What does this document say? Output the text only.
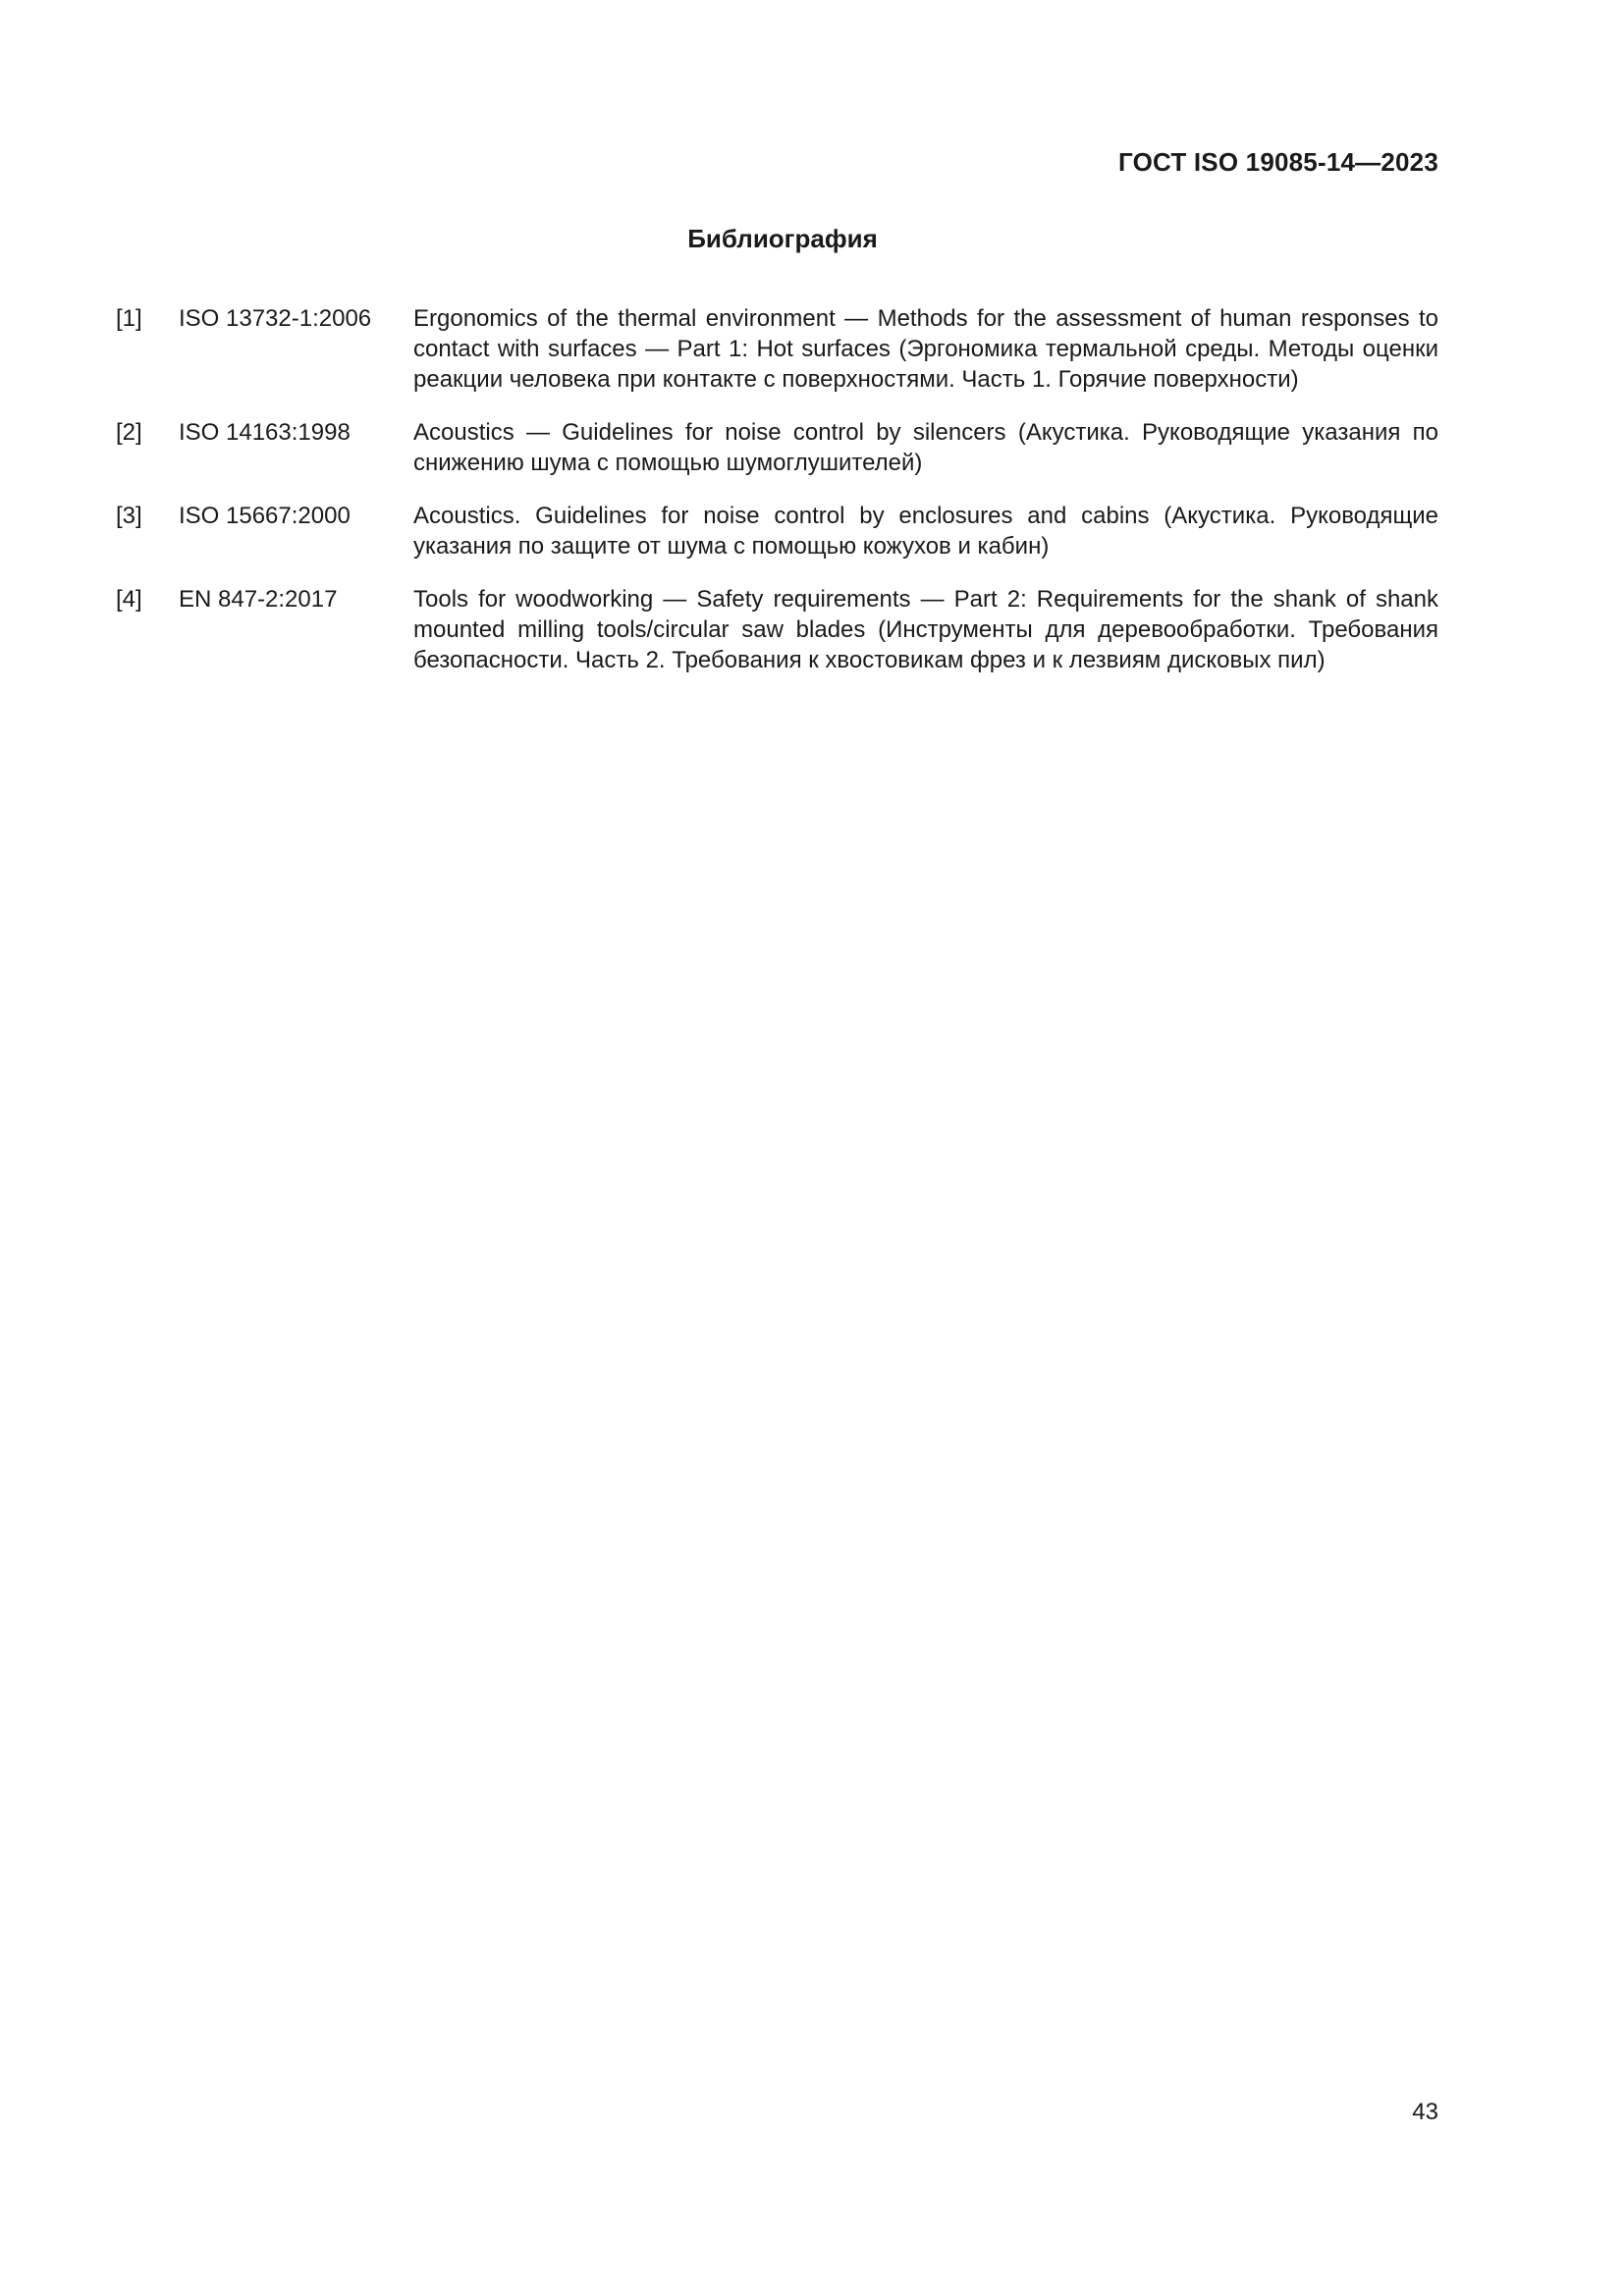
ГОСТ ISO 19085-14—2023
Библиография
[1]	ISO 13732-1:2006	Ergonomics of the thermal environment — Methods for the assessment of human responses to contact with surfaces — Part 1: Hot surfaces (Эргономика термальной среды. Методы оценки реакции человека при контакте с поверхностями. Часть 1. Горячие поверхности)
[2]	ISO 14163:1998	Acoustics — Guidelines for noise control by silencers (Акустика. Руководящие указания по снижению шума с помощью шумоглушителей)
[3]	ISO 15667:2000	Acoustics. Guidelines for noise control by enclosures and cabins (Акустика. Руководящие указания по защите от шума с помощью кожухов и кабин)
[4]	EN 847-2:2017	Tools for woodworking — Safety requirements — Part 2: Requirements for the shank of shank mounted milling tools/circular saw blades (Инструменты для деревообработки. Требования безопасности. Часть 2. Требования к хвостовикам фрез и к лезвиям дисковых пил)
43
